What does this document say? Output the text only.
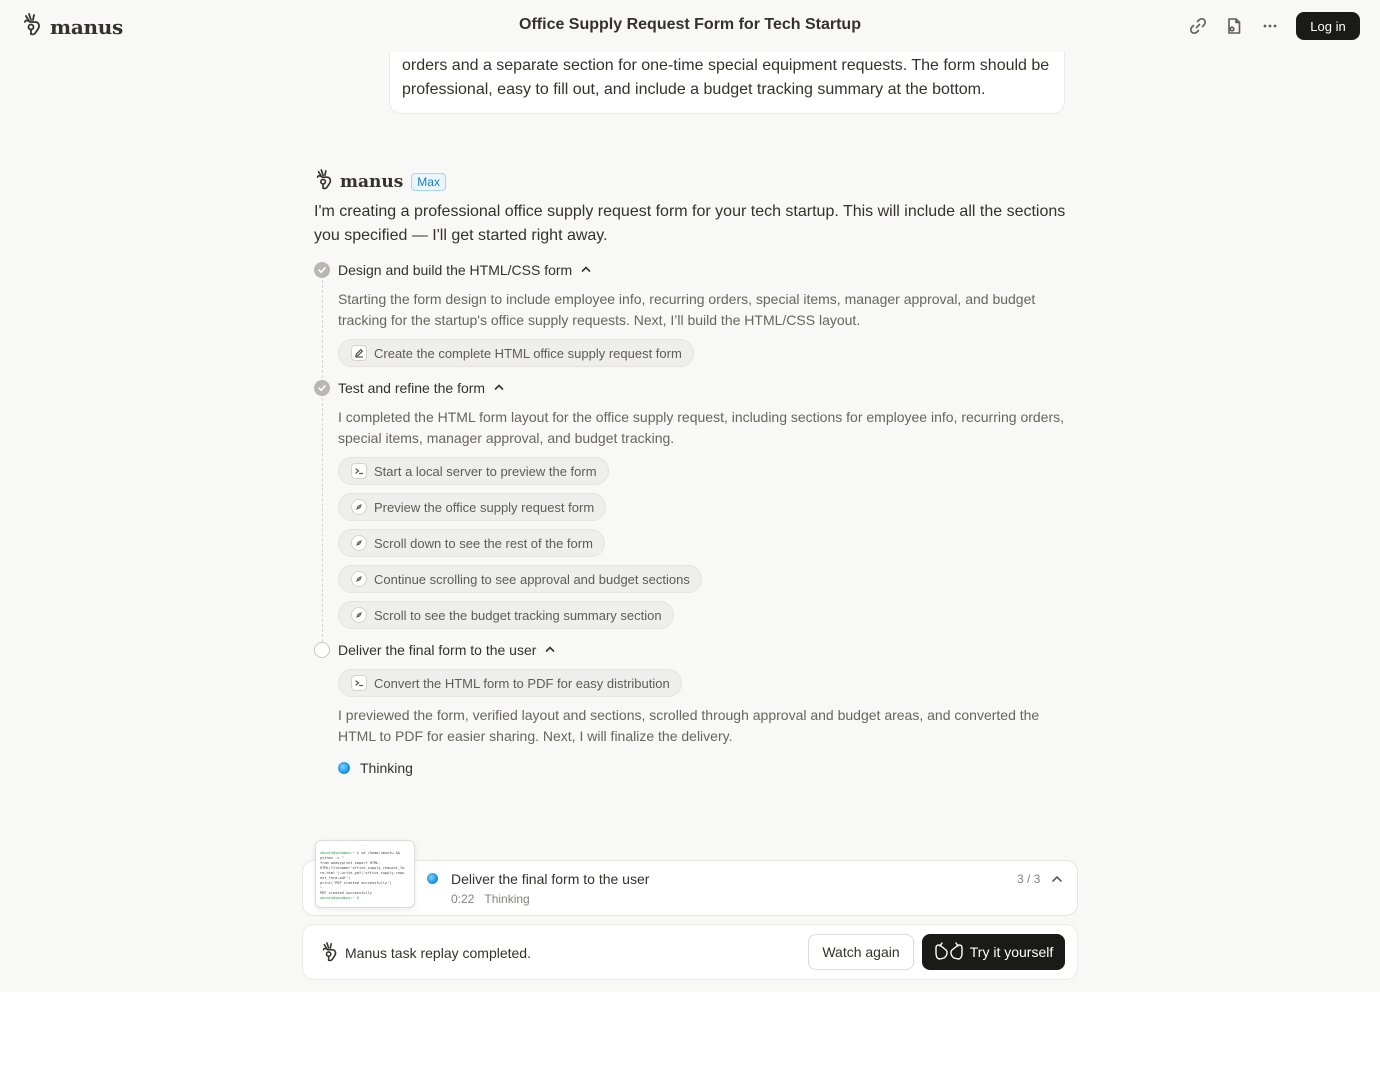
manus	Office Supply Request Form for Tech Startup	Log in

orders and a separate section for one-time special equipment requests. The form should be professional, easy to fill out, and include a budget tracking summary at the bottom.

manus	Max

I'm creating a professional office supply request form for your tech startup. This will include all the sections you specified — I'll get started right away.

Design and build the HTML/CSS form

Starting the form design to include employee info, recurring orders, special items, manager approval, and budget tracking for the startup's office supply requests. Next, I’ll build the HTML/CSS layout.

Create the complete HTML office supply request form
Test and refine the form

I completed the HTML form layout for the office supply request, including sections for employee info, recurring orders, special items, manager approval, and budget tracking.

Start a local server to preview the form
Preview the office supply request form
Scroll down to see the rest of the form
Continue scrolling to see approval and budget sections
Scroll to see the budget tracking summary section
Deliver the final form to the user
Convert the HTML form to PDF for easy distribution

I previewed the form, verified layout and sections, scrolled through approval and budget areas, and converted the HTML to PDF for easier sharing. Next, I will finalize the delivery.

Thinking
···
ubuntu@sandbox:~ $ cd /home/ubuntu && python -c "
from weasyprint import HTML,
HTML(filename='office_supply_request_fo
rm.html').write_pdf('office_supply_requ
est_form.pdf')
print('PDF created successfully')
"
PDF created successfully
ubuntu@sandbox:~ $
Deliver the final form to the user
0:22 Thinking
3 / 3
Manus task replay completed.	Watch again	Try it yourself
